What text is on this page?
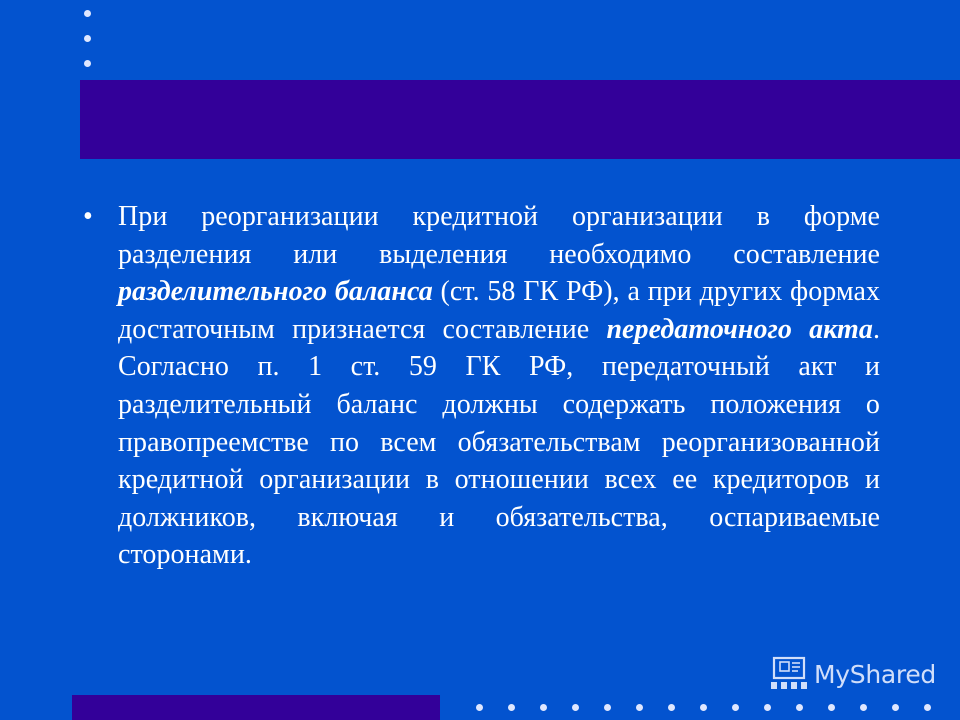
• При реорганизации кредитной организации в форме разделения или выделения необходимо составление разделительного баланса (ст. 58 ГК РФ), а при других формах достаточным признается составление передаточного акта. Согласно п. 1 ст. 59 ГК РФ, передаточный акт и разделительный баланс должны содержать положения о правопреемстве по всем обязательствам реорганизованной кредитной организации в отношении всех ее кредиторов и должников, включая и обязательства, оспариваемые сторонами.

MyShared
